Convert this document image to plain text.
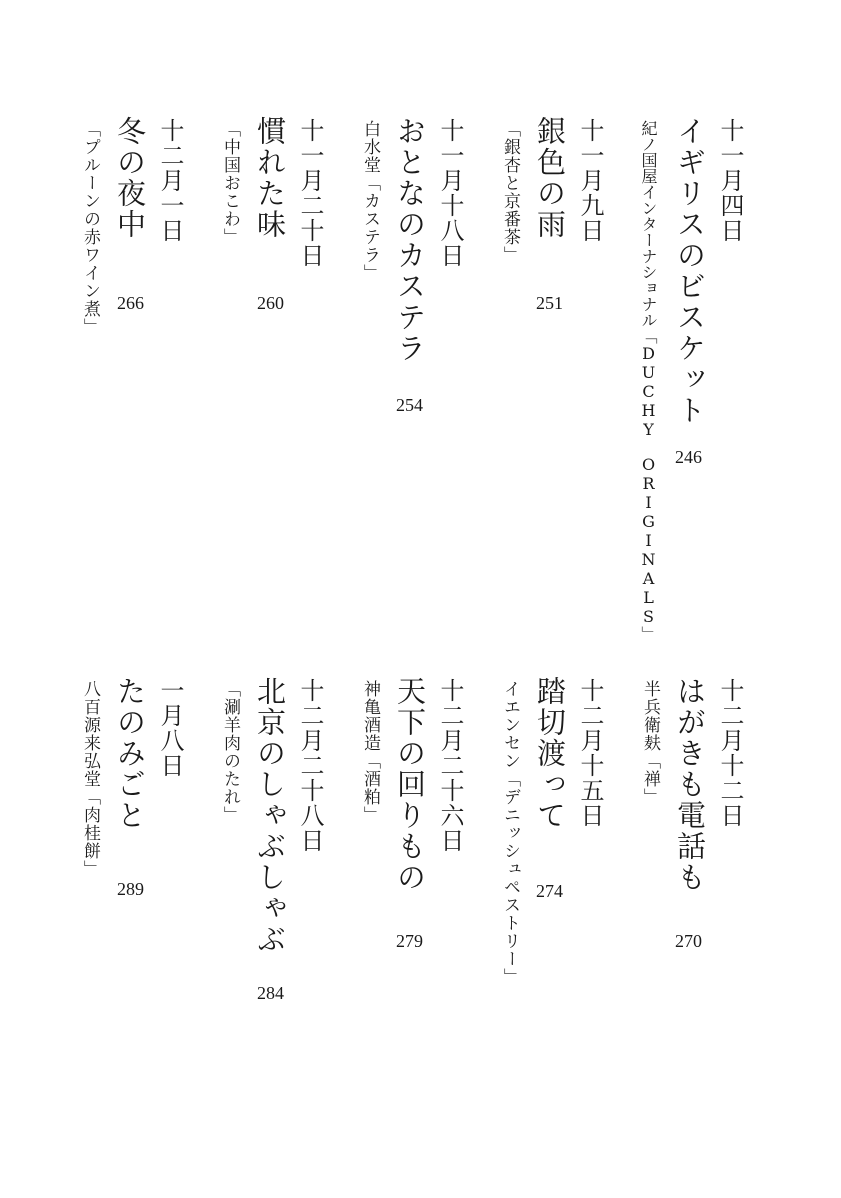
十一月四日
イギリスのビスケット
紀ノ国屋インターナショナル「DUCHY　ORIGINALS」 246
十一月九日
銀色の雨
「銀杏と京番茶」
251
十一月十八日
おとなのカステラ
白水堂「カステラ」
254
十一月二十日
慣れた味
「中国おこわ」
260
十二月一日
冬の夜中
「プルーンの赤ワイン煮」 266
十二月十二日
はがきも電話も
半兵衛麸「禅」
270
十二月十五日
踏切渡って
イエンセン「デニッシュペストリー」 274
十二月二十六日
天下の回りもの
神亀酒造「酒粕」
279
十二月二十八日
北京のしゃぶしゃぶ
「涮羊肉のたれ」
284
一月八日
たのみごと
八百源来弘堂「肉桂餅」
289
